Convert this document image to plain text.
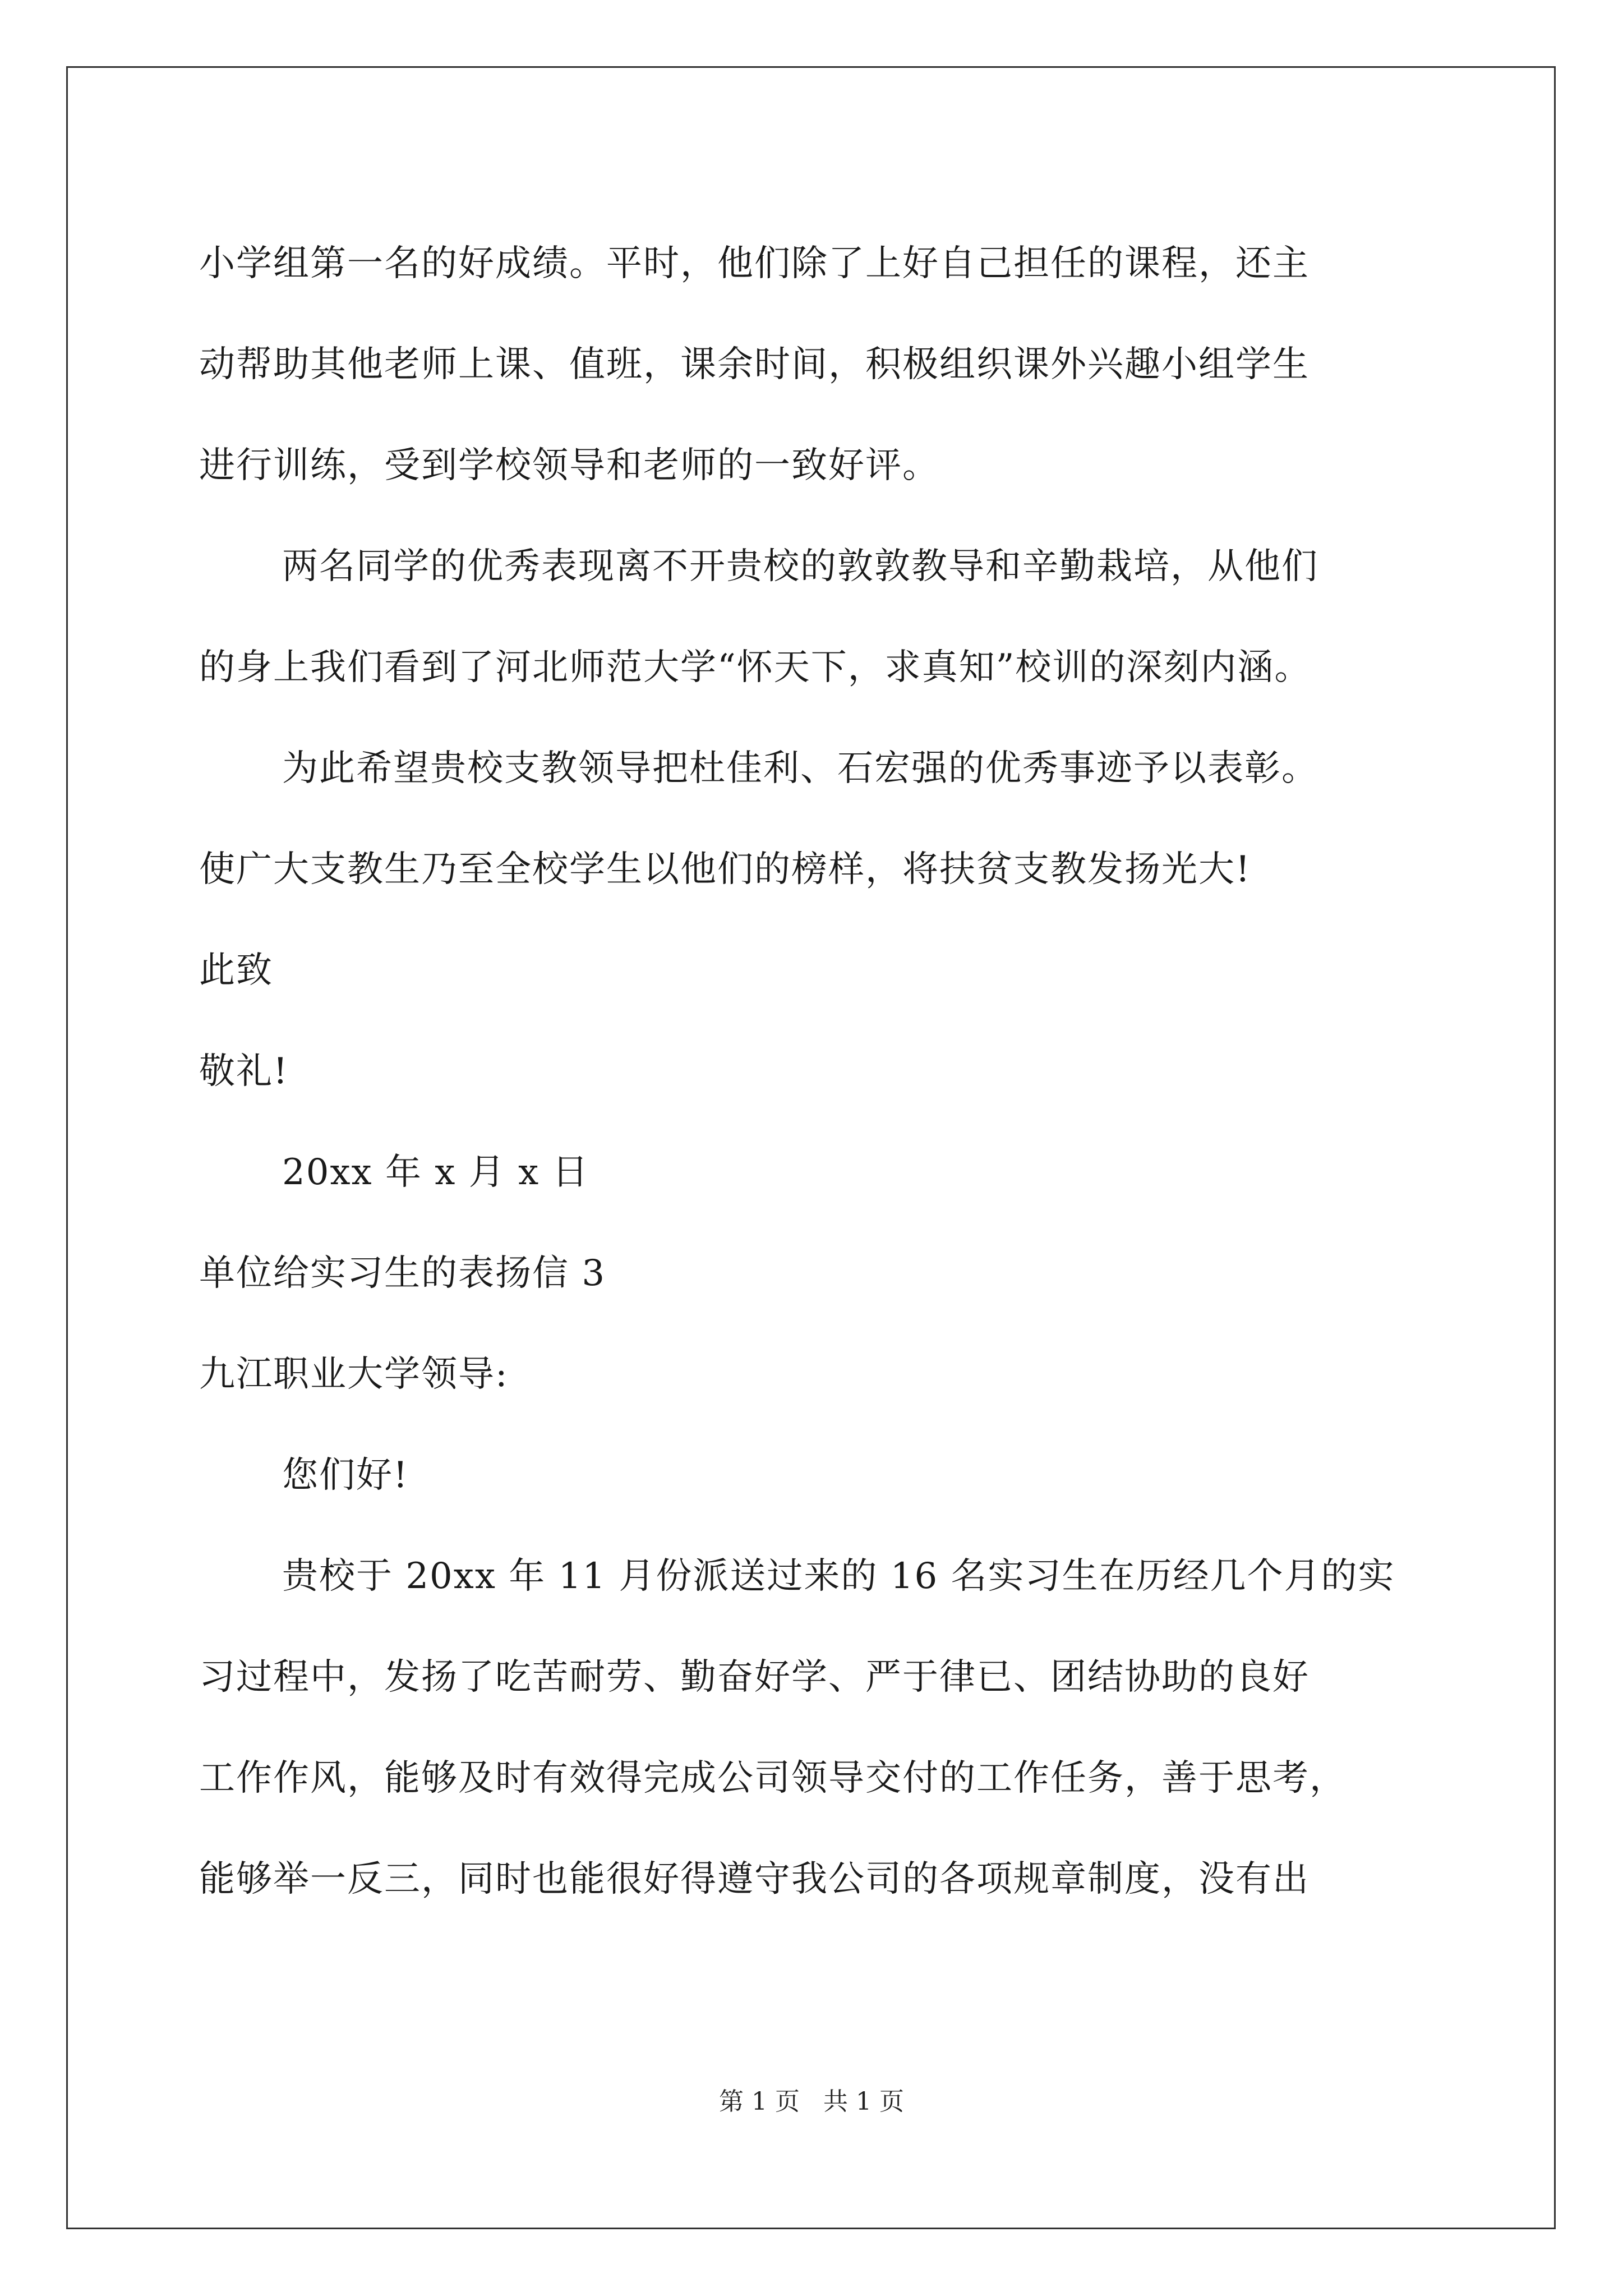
小学组第一名的好成绩。平时，他们除了上好自己担任的课程，还主
动帮助其他老师上课、值班，课余时间，积极组织课外兴趣小组学生
进行训练，受到学校领导和老师的一致好评。
两名同学的优秀表现离不开贵校的敦敦教导和辛勤栽培，从他们
的身上我们看到了河北师范大学“怀天下，求真知”校训的深刻内涵。
为此希望贵校支教领导把杜佳利、石宏强的优秀事迹予以表彰。
使广大支教生乃至全校学生以他们的榜样，将扶贫支教发扬光大!
此致
敬礼!
20xx 年 x 月 x 日
单位给实习生的表扬信 3
九江职业大学领导:
您们好!
贵校于 20xx 年 11 月份派送过来的 16 名实习生在历经几个月的实
习过程中，发扬了吃苦耐劳、勤奋好学、严于律已、团结协助的良好
工作作风，能够及时有效得完成公司领导交付的工作任务，善于思考，
能够举一反三，同时也能很好得遵守我公司的各项规章制度，没有出
第 1 页   共 1 页
